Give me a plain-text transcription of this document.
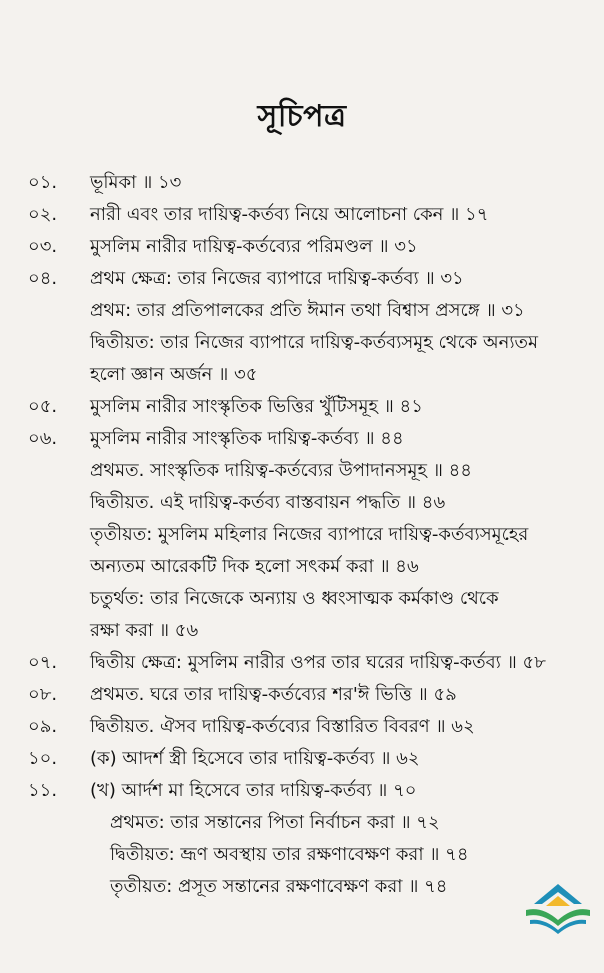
সূচিপত্র
০১. ভূমিকা ॥ ১৩
০২. নারী এবং তার দায়িত্ব-কর্তব্য নিয়ে আলোচনা কেন ॥ ১৭
০৩. মুসলিম নারীর দায়িত্ব-কর্তব্যের পরিমণ্ডল ॥ ৩১
০৪. প্রথম ক্ষেত্র: তার নিজের ব্যাপারে দায়িত্ব-কর্তব্য ॥ ৩১
প্রথম: তার প্রতিপালকের প্রতি ঈমান তথা বিশ্বাস প্রসঙ্গে ॥ ৩১
দ্বিতীয়ত: তার নিজের ব্যাপারে দায়িত্ব-কর্তব্যসমূহ থেকে অন্যতম
হলো জ্ঞান অর্জন ॥ ৩৫
০৫. মুসলিম নারীর সাংস্কৃতিক ভিত্তির খুঁটিসমূহ ॥ ৪১
০৬. মুসলিম নারীর সাংস্কৃতিক দায়িত্ব-কর্তব্য ॥ ৪৪
প্রথমত. সাংস্কৃতিক দায়িত্ব-কর্তব্যের উপাদানসমূহ ॥ ৪৪
দ্বিতীয়ত. এই দায়িত্ব-কর্তব্য বাস্তবায়ন পদ্ধতি ॥ ৪৬
তৃতীয়ত: মুসলিম মহিলার নিজের ব্যাপারে দায়িত্ব-কর্তব্যসমূহের
অন্যতম আরেকটি দিক হলো সৎকর্ম করা ॥ ৪৬
চতুর্থত: তার নিজেকে অন্যায় ও ধ্বংসাত্মক কর্মকাণ্ড থেকে
রক্ষা করা ॥ ৫৬
০৭. দ্বিতীয় ক্ষেত্র: মুসলিম নারীর ওপর তার ঘরের দায়িত্ব-কর্তব্য ॥ ৫৮
০৮. প্রথমত. ঘরে তার দায়িত্ব-কর্তব্যের শর'ঈ ভিত্তি ॥ ৫৯
০৯. দ্বিতীয়ত. ঐসব দায়িত্ব-কর্তব্যের বিস্তারিত বিবরণ ॥ ৬২
১০. (ক) আদর্শ স্ত্রী হিসেবে তার দায়িত্ব-কর্তব্য ॥ ৬২
১১. (খ) আর্দশ মা হিসেবে তার দায়িত্ব-কর্তব্য ॥ ৭০
প্রথমত: তার সন্তানের পিতা নির্বাচন করা ॥ ৭২
দ্বিতীয়ত: ভ্রূণ অবস্থায় তার রক্ষণাবেক্ষণ করা ॥ ৭৪
তৃতীয়ত: প্রসূত সন্তানের রক্ষণাবেক্ষণ করা ॥ ৭৪
